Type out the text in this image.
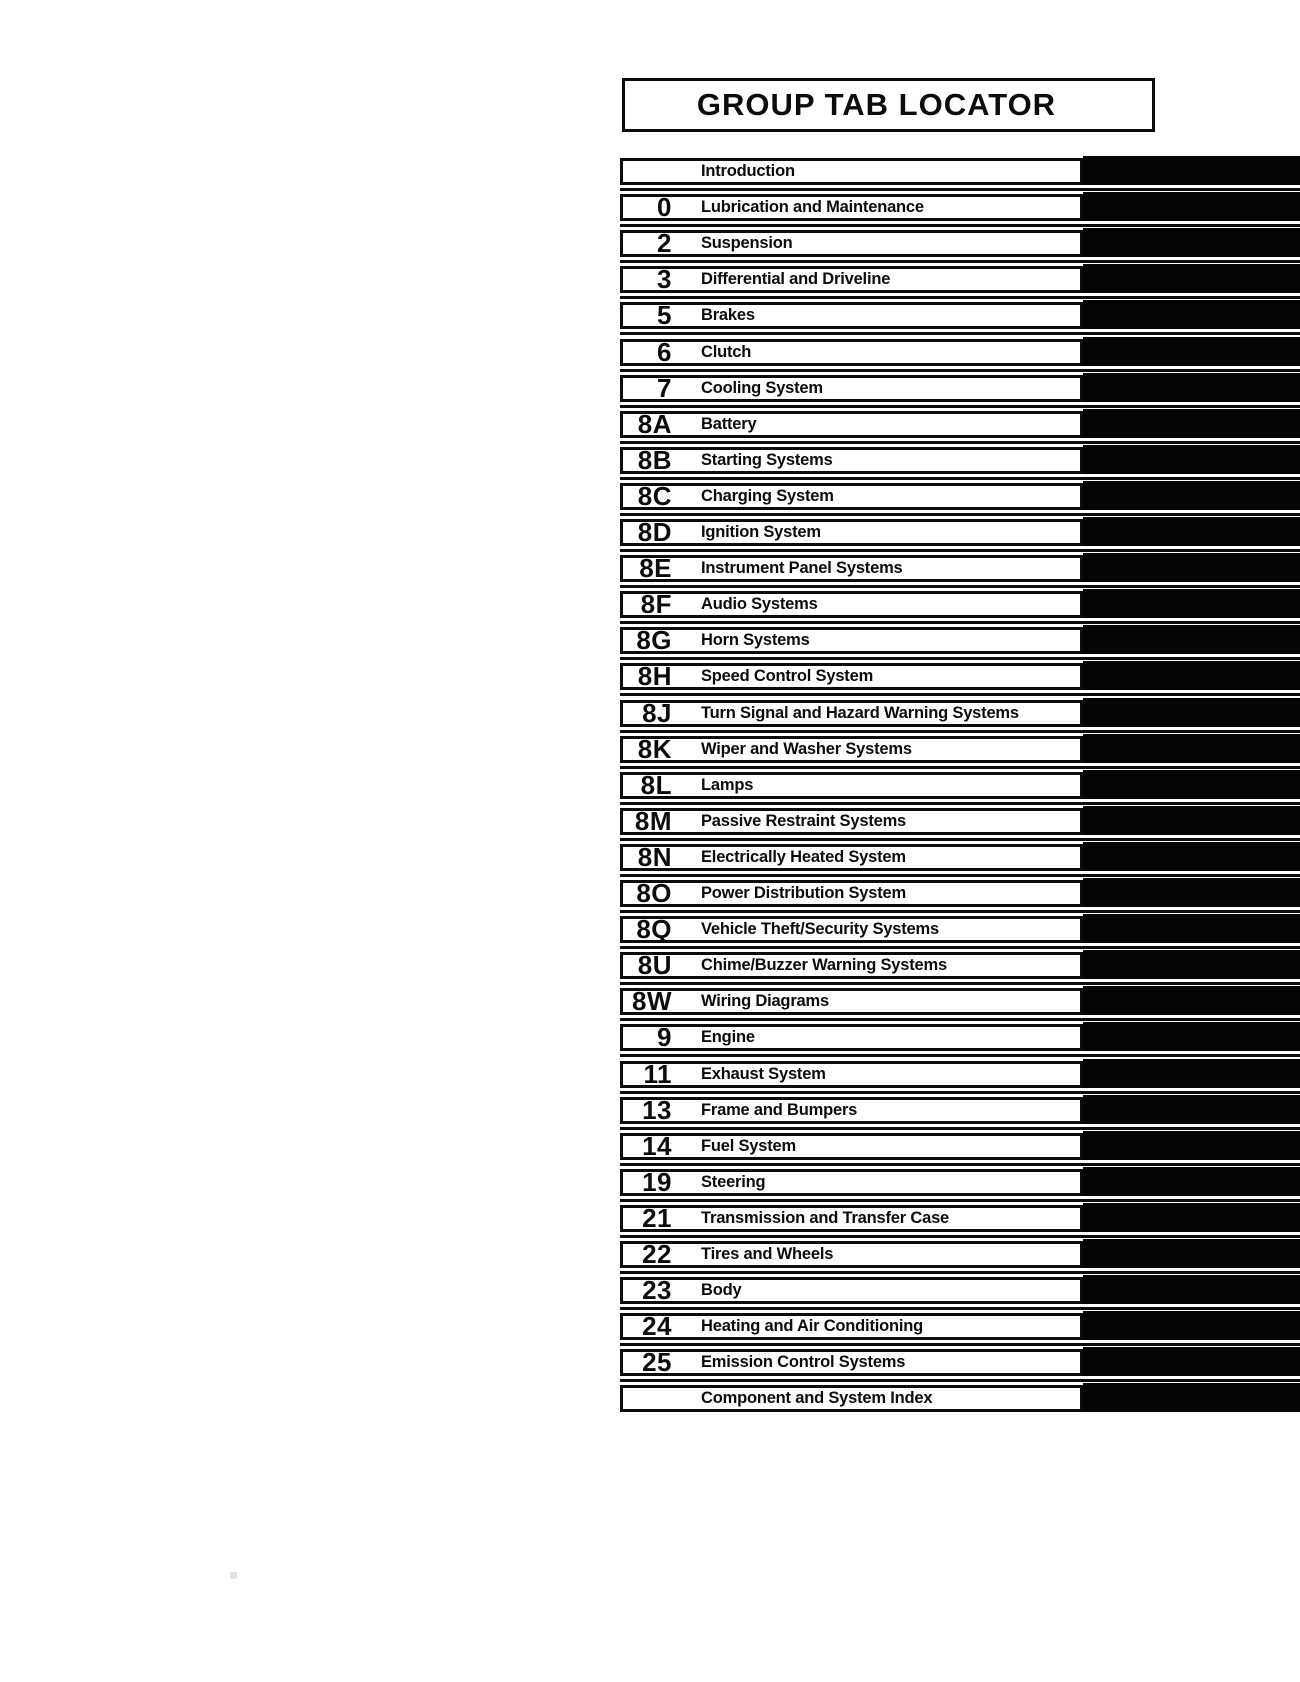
GROUP TAB LOCATOR
Introduction
0 Lubrication and Maintenance
2 Suspension
3 Differential and Driveline
5 Brakes
6 Clutch
7 Cooling System
8A Battery
8B Starting Systems
8C Charging System
8D Ignition System
8E Instrument Panel Systems
8F Audio Systems
8G Horn Systems
8H Speed Control System
8J Turn Signal and Hazard Warning Systems
8K Wiper and Washer Systems
8L Lamps
8M Passive Restraint Systems
8N Electrically Heated System
8O Power Distribution System
8Q Vehicle Theft/Security Systems
8U Chime/Buzzer Warning Systems
8W Wiring Diagrams
9 Engine
11 Exhaust System
13 Frame and Bumpers
14 Fuel System
19 Steering
21 Transmission and Transfer Case
22 Tires and Wheels
23 Body
24 Heating and Air Conditioning
25 Emission Control Systems
Component and System Index
